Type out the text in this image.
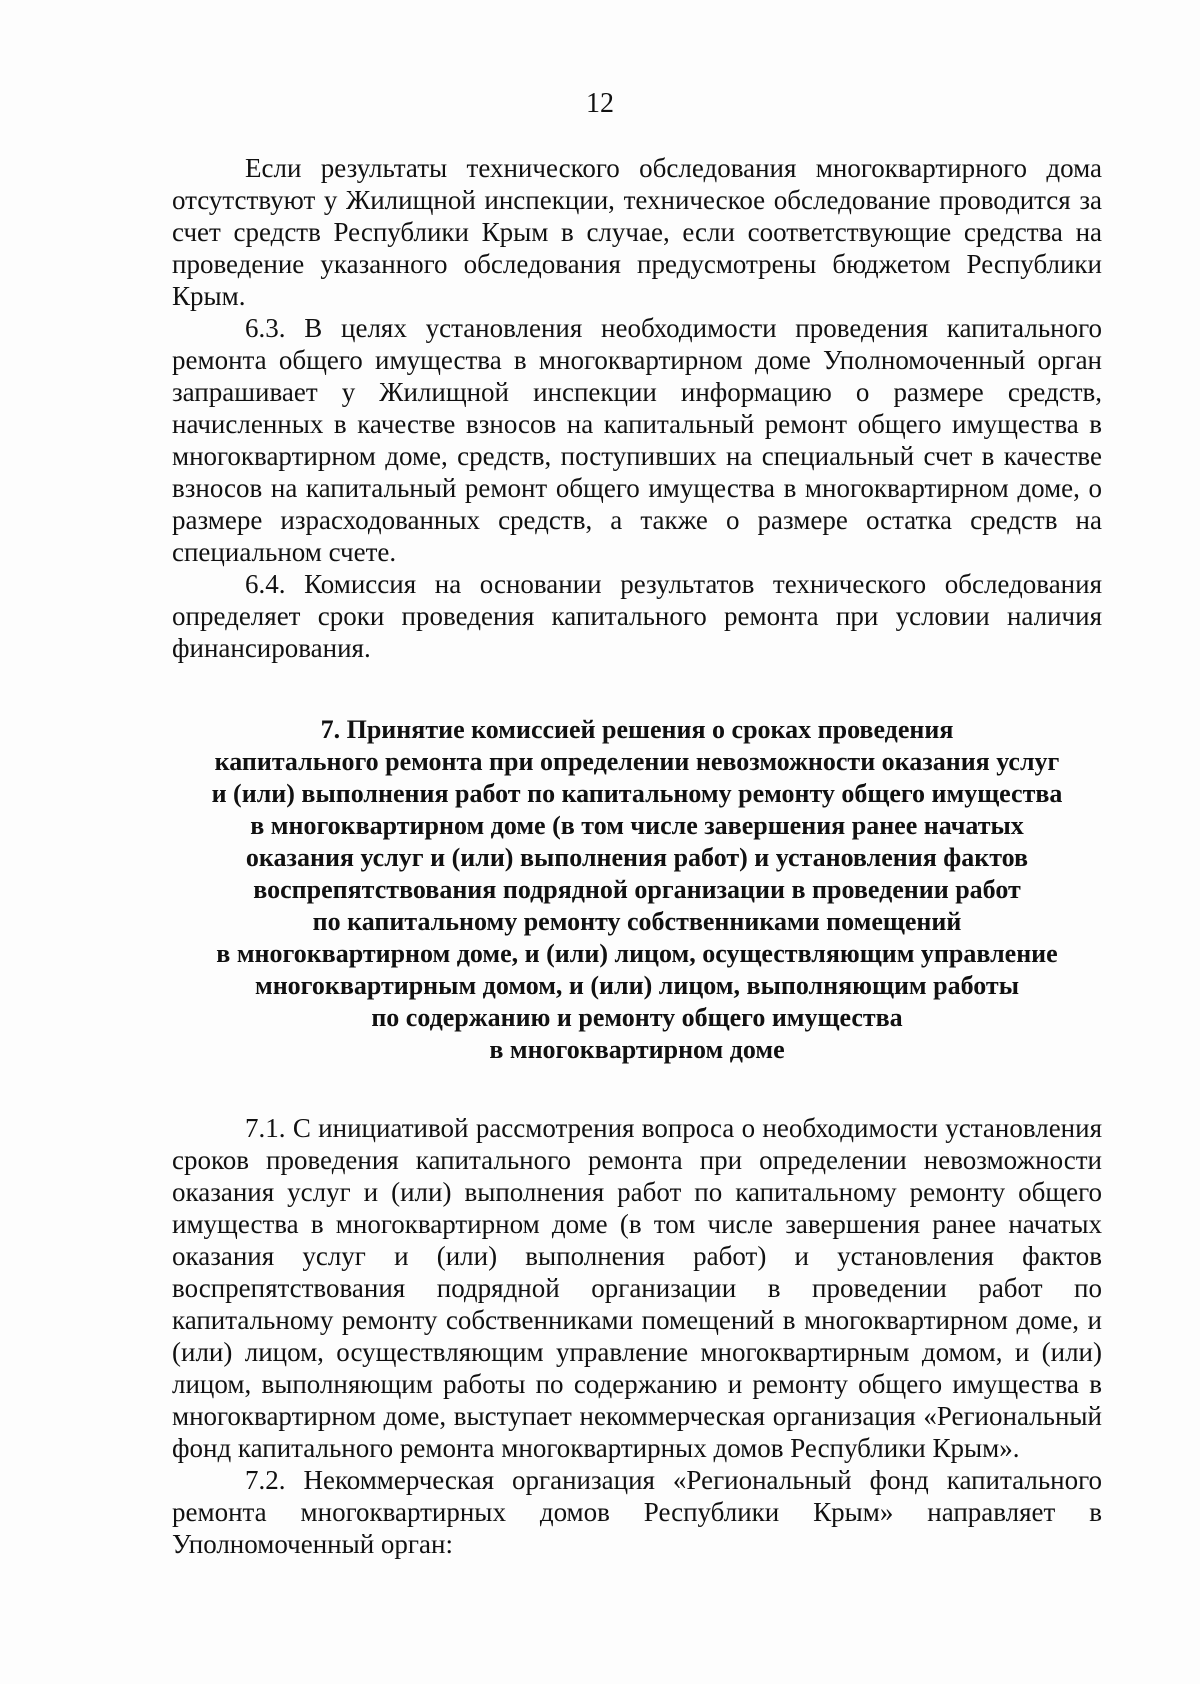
12

Если результаты технического обследования многоквартирного дома отсутствуют у Жилищной инспекции, техническое обследование проводится за счет средств Республики Крым в случае, если соответствующие средства на проведение указанного обследования предусмотрены бюджетом Республики Крым.

6.3. В целях установления необходимости проведения капитального ремонта общего имущества в многоквартирном доме Уполномоченный орган запрашивает у Жилищной инспекции информацию о размере средств, начисленных в качестве взносов на капитальный ремонт общего имущества в многоквартирном доме, средств, поступивших на специальный счет в качестве взносов на капитальный ремонт общего имущества в многоквартирном доме, о размере израсходованных средств, а также о размере остатка средств на специальном счете.

6.4. Комиссия на основании результатов технического обследования определяет сроки проведения капитального ремонта при условии наличия финансирования.

7. Принятие комиссией решения о сроках проведения
капитального ремонта при определении невозможности оказания услуг
и (или) выполнения работ по капитальному ремонту общего имущества
в многоквартирном доме (в том числе завершения ранее начатых
оказания услуг и (или) выполнения работ) и установления фактов
воспрепятствования подрядной организации в проведении работ
по капитальному ремонту собственниками помещений
в многоквартирном доме, и (или) лицом, осуществляющим управление
многоквартирным домом, и (или) лицом, выполняющим работы
по содержанию и ремонту общего имущества
в многоквартирном доме

7.1. С инициативой рассмотрения вопроса о необходимости установления сроков проведения капитального ремонта при определении невозможности оказания услуг и (или) выполнения работ по капитальному ремонту общего имущества в многоквартирном доме (в том числе завершения ранее начатых оказания услуг и (или) выполнения работ) и установления фактов воспрепятствования подрядной организации в проведении работ по капитальному ремонту собственниками помещений в многоквартирном доме, и (или) лицом, осуществляющим управление многоквартирным домом, и (или) лицом, выполняющим работы по содержанию и ремонту общего имущества в многоквартирном доме, выступает некоммерческая организация «Региональный фонд капитального ремонта многоквартирных домов Республики Крым».

7.2. Некоммерческая организация «Региональный фонд капитального ремонта многоквартирных домов Республики Крым» направляет в Уполномоченный орган:
